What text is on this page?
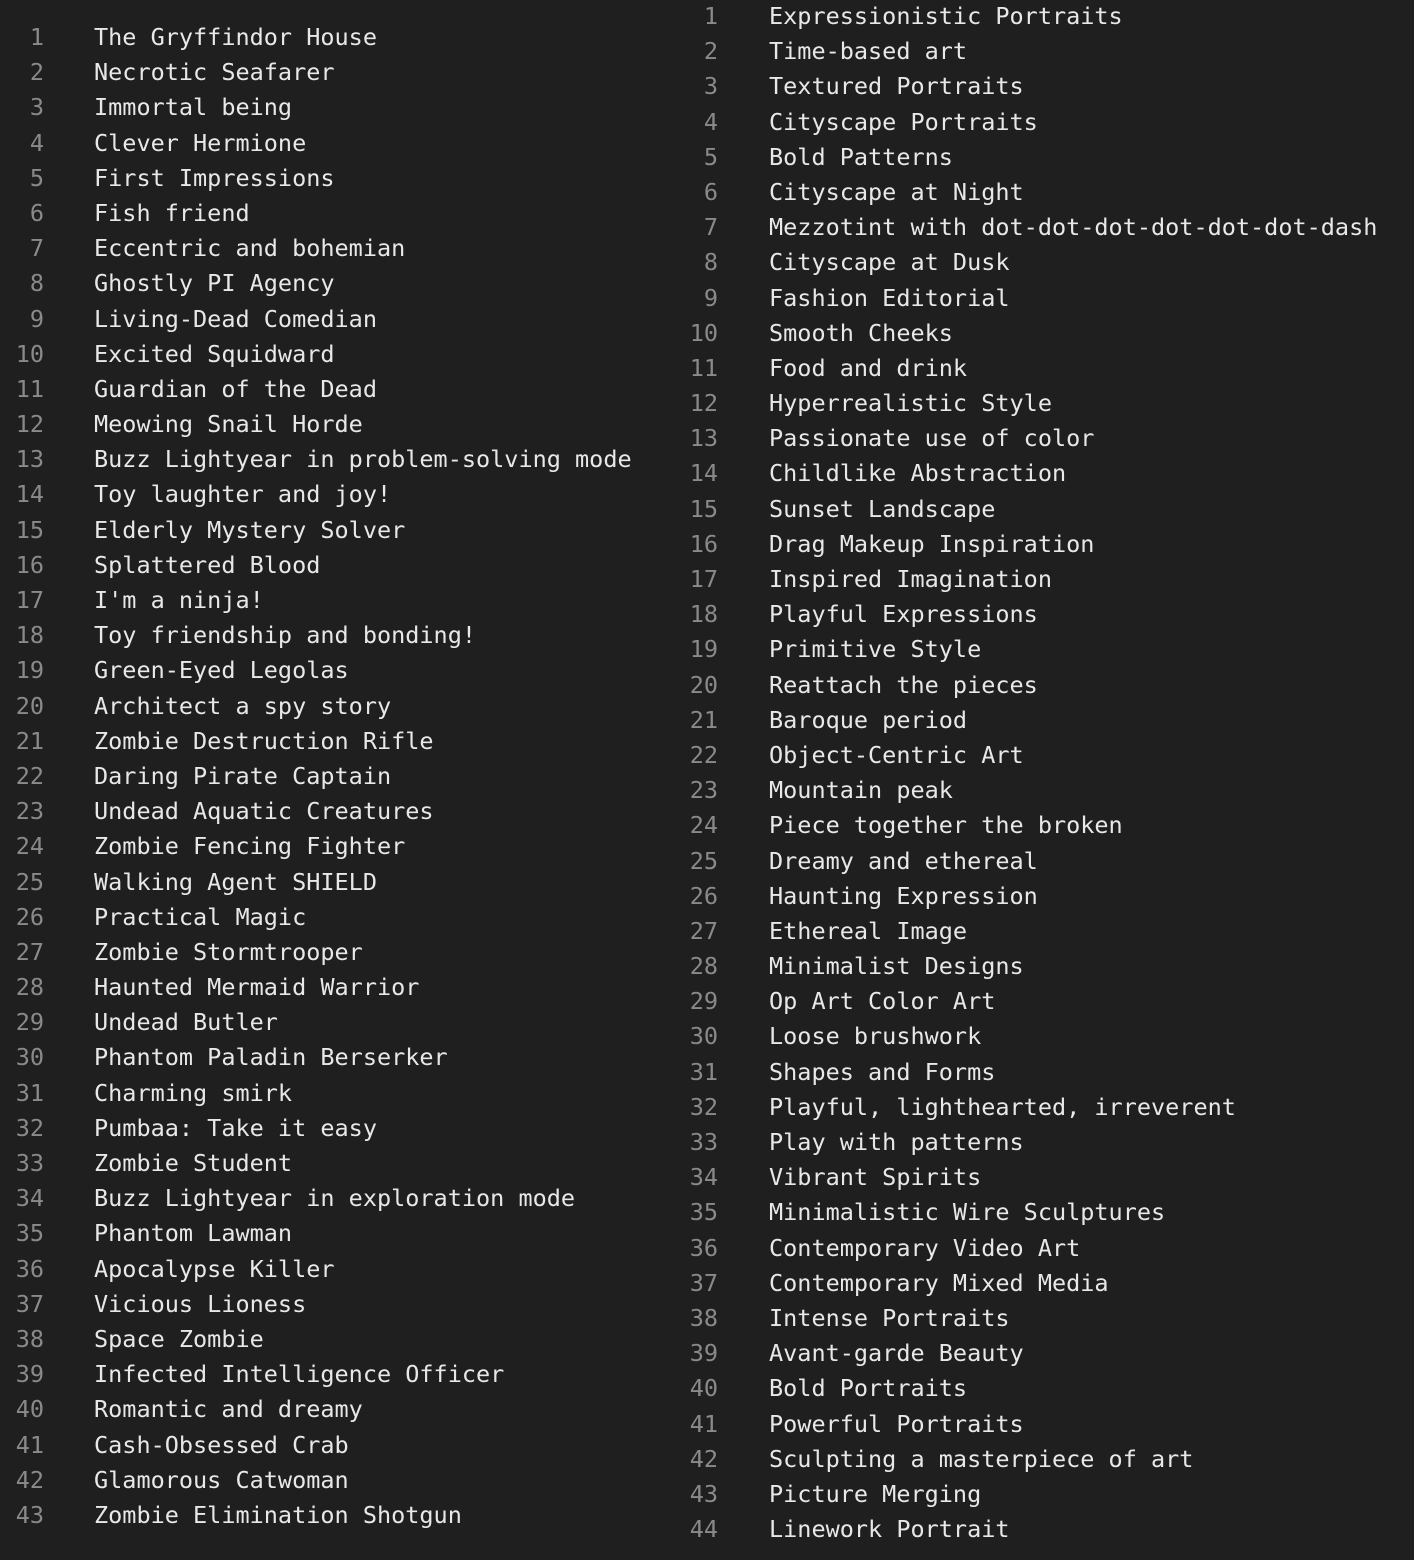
1 The Gryffindor House
2 Necrotic Seafarer
3 Immortal being
4 Clever Hermione
5 First Impressions
6 Fish friend
7 Eccentric and bohemian
8 Ghostly PI Agency
9 Living-Dead Comedian
10 Excited Squidward
11 Guardian of the Dead
12 Meowing Snail Horde
13 Buzz Lightyear in problem-solving mode
14 Toy laughter and joy!
15 Elderly Mystery Solver
16 Splattered Blood
17 I'm a ninja!
18 Toy friendship and bonding!
19 Green-Eyed Legolas
20 Architect a spy story
21 Zombie Destruction Rifle
22 Daring Pirate Captain
23 Undead Aquatic Creatures
24 Zombie Fencing Fighter
25 Walking Agent SHIELD
26 Practical Magic
27 Zombie Stormtrooper
28 Haunted Mermaid Warrior
29 Undead Butler
30 Phantom Paladin Berserker
31 Charming smirk
32 Pumbaa: Take it easy
33 Zombie Student
34 Buzz Lightyear in exploration mode
35 Phantom Lawman
36 Apocalypse Killer
37 Vicious Lioness
38 Space Zombie
39 Infected Intelligence Officer
40 Romantic and dreamy
41 Cash-Obsessed Crab
42 Glamorous Catwoman
43 Zombie Elimination Shotgun
1 Expressionistic Portraits
2 Time-based art
3 Textured Portraits
4 Cityscape Portraits
5 Bold Patterns
6 Cityscape at Night
7 Mezzotint with dot-dot-dot-dot-dot-dot-dash
8 Cityscape at Dusk
9 Fashion Editorial
10 Smooth Cheeks
11 Food and drink
12 Hyperrealistic Style
13 Passionate use of color
14 Childlike Abstraction
15 Sunset Landscape
16 Drag Makeup Inspiration
17 Inspired Imagination
18 Playful Expressions
19 Primitive Style
20 Reattach the pieces
21 Baroque period
22 Object-Centric Art
23 Mountain peak
24 Piece together the broken
25 Dreamy and ethereal
26 Haunting Expression
27 Ethereal Image
28 Minimalist Designs
29 Op Art Color Art
30 Loose brushwork
31 Shapes and Forms
32 Playful, lighthearted, irreverent
33 Play with patterns
34 Vibrant Spirits
35 Minimalistic Wire Sculptures
36 Contemporary Video Art
37 Contemporary Mixed Media
38 Intense Portraits
39 Avant-garde Beauty
40 Bold Portraits
41 Powerful Portraits
42 Sculpting a masterpiece of art
43 Picture Merging
44 Linework Portrait
